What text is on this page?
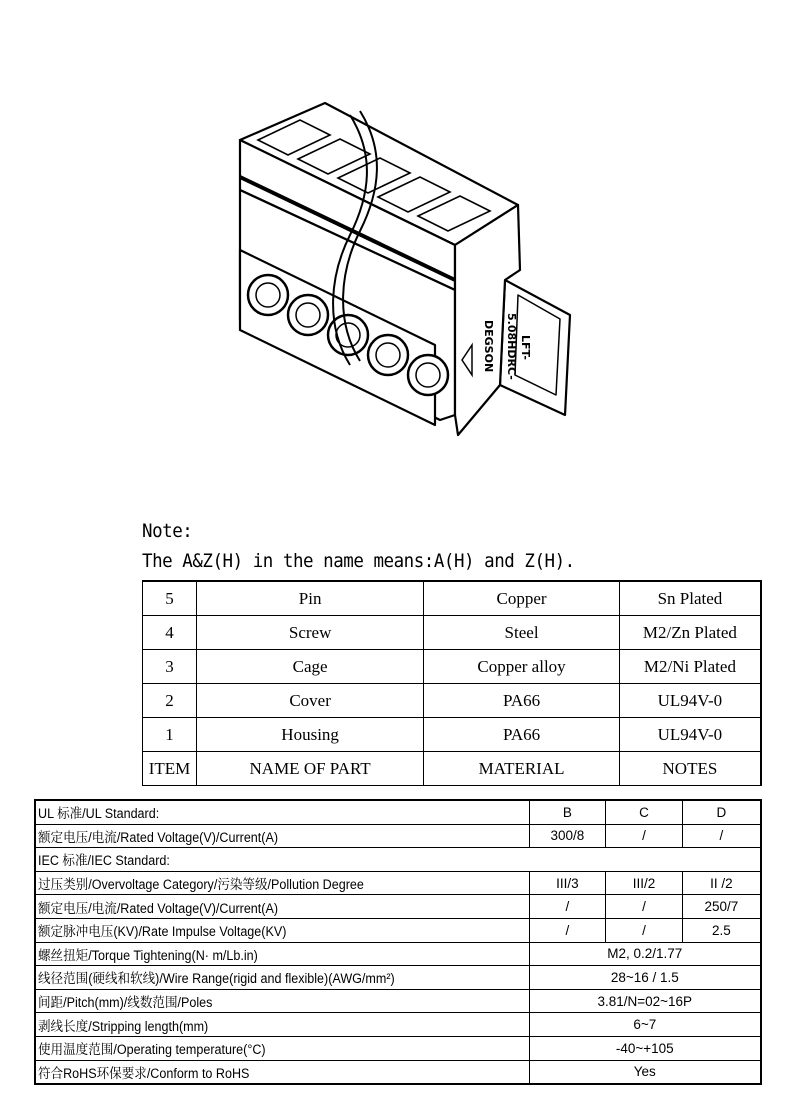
LFT-
5.08HDRC-
DEGSON
Note:
The A&Z(H) in the name means:A(H) and Z(H).
5	Pin	Copper	Sn Plated
4	Screw	Steel	M2/Zn Plated
3	Cage	Copper alloy	M2/Ni Plated
2	Cover	PA66	UL94V-0
1	Housing	PA66	UL94V-0
ITEM	NAME OF PART	MATERIAL	NOTES
UL 标准/UL Standard:	B	C	D
额定电压/电流/Rated Voltage(V)/Current(A)	300/8	/	/
IEC 标准/IEC Standard:			
过压类别/Overvoltage Category/污染等级/Pollution Degree	III/3	III/2	II /2
额定电压/电流/Rated Voltage(V)/Current(A)	/	/	250/7
额定脉冲电压(KV)/Rate Impulse Voltage(KV)	/	/	2.5
螺丝扭矩/Torque Tightening(N· m/Lb.in)	M2, 0.2/1.77		
线径范围(硬线和软线)/Wire Range(rigid and flexible)(AWG/mm²)	28~16 / 1.5		
间距/Pitch(mm)/线数范围/Poles	3.81/N=02~16P		
剥线长度/Stripping length(mm)	6~7		
使用温度范围/Operating temperature(°C)	-40~+105		
符合RoHS环保要求/Conform to RoHS	Yes		
